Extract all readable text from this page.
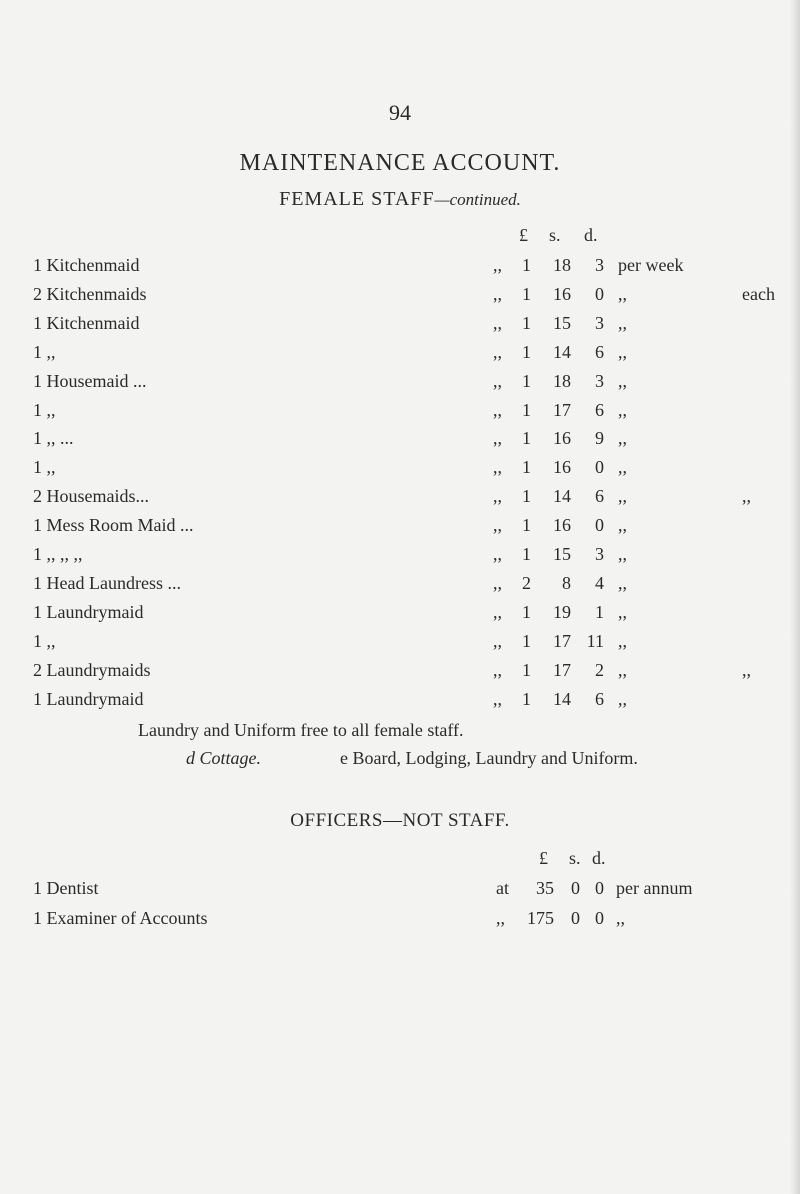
94
MAINTENANCE ACCOUNT.
FEMALE STAFF—continued.
£ s. d.
1 Kitchenmaid	,,	1	18	3 per week
2 Kitchenmaids	,,	1	16	0 ,,	each
1 Kitchenmaid	,,	1	15	3 ,,
1 ,,	,,	1	14	6 ,,
1 Housemaid ...	,,	1	18	3 ,,
1 ,,	,,	1	17	6 ,,
1 ,, ...	,,	1	16	9 ,,
1 ,,	,,	1	16	0 ,,
2 Housemaids...	,,	1	14	6 ,,	,,
1 Mess Room Maid ...	,,	1	16	0 ,,
1 ,, ,, ,,	,,	1	15	3 ,,
1 Head Laundress ...	,,	2	8	4 ,,
1 Laundrymaid	,,	1	19	1 ,,
1 ,,	,,	1	17 11 ,,
2 Laundrymaids	,,	1	17	2 ,,	,,
1 Laundrymaid	,,	1	14	6 ,,
Laundry and Uniform free to all female staff.
d Cottage.	e Board, Lodging, Laundry and Uniform.
OFFICERS—NOT STAFF.
£ s. d.
1 Dentist	at	35 0 0 per annum
1 Examiner of Accounts	,,	175 0 0 ,,
